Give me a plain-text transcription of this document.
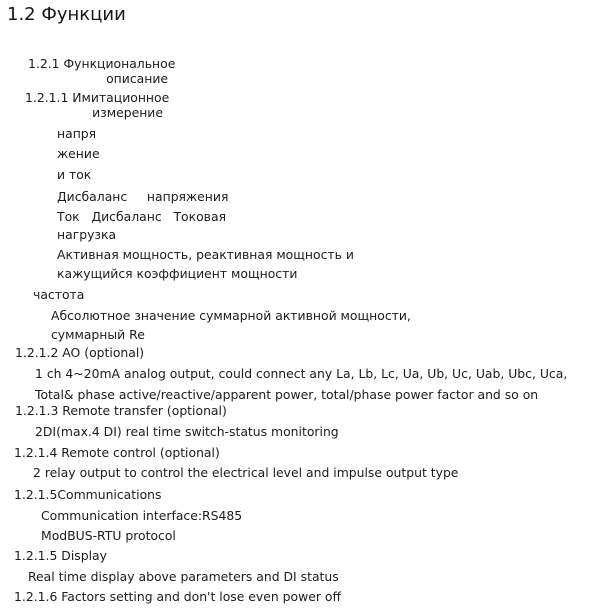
1.2 Функции
1.2.1 Функциональное
описание
1.2.1.1 Имитационное
измерение
напря
жение
и ток
Дисбаланс     напряжения
Ток   Дисбаланс   Токовая
нагрузка
Активная мощность, реактивная мощность и
кажущийся коэффициент мощности
частота
Абсолютное значение суммарной активной мощности,
суммарный Re
1.2.1.2 AO (optional)
1 ch 4~20mA analog output, could connect any La, Lb, Lc, Ua, Ub, Uc, Uab, Ubc, Uca,
Total& phase active/reactive/apparent power, total/phase power factor and so on
1.2.1.3 Remote transfer (optional)
2DI(max.4 DI) real time switch-status monitoring
1.2.1.4 Remote control (optional)
2 relay output to control the electrical level and impulse output type
1.2.1.5Communications
Communication interface:RS485
ModBUS-RTU protocol
1.2.1.5 Display
Real time display above parameters and DI status
1.2.1.6 Factors setting and don't lose even power off
